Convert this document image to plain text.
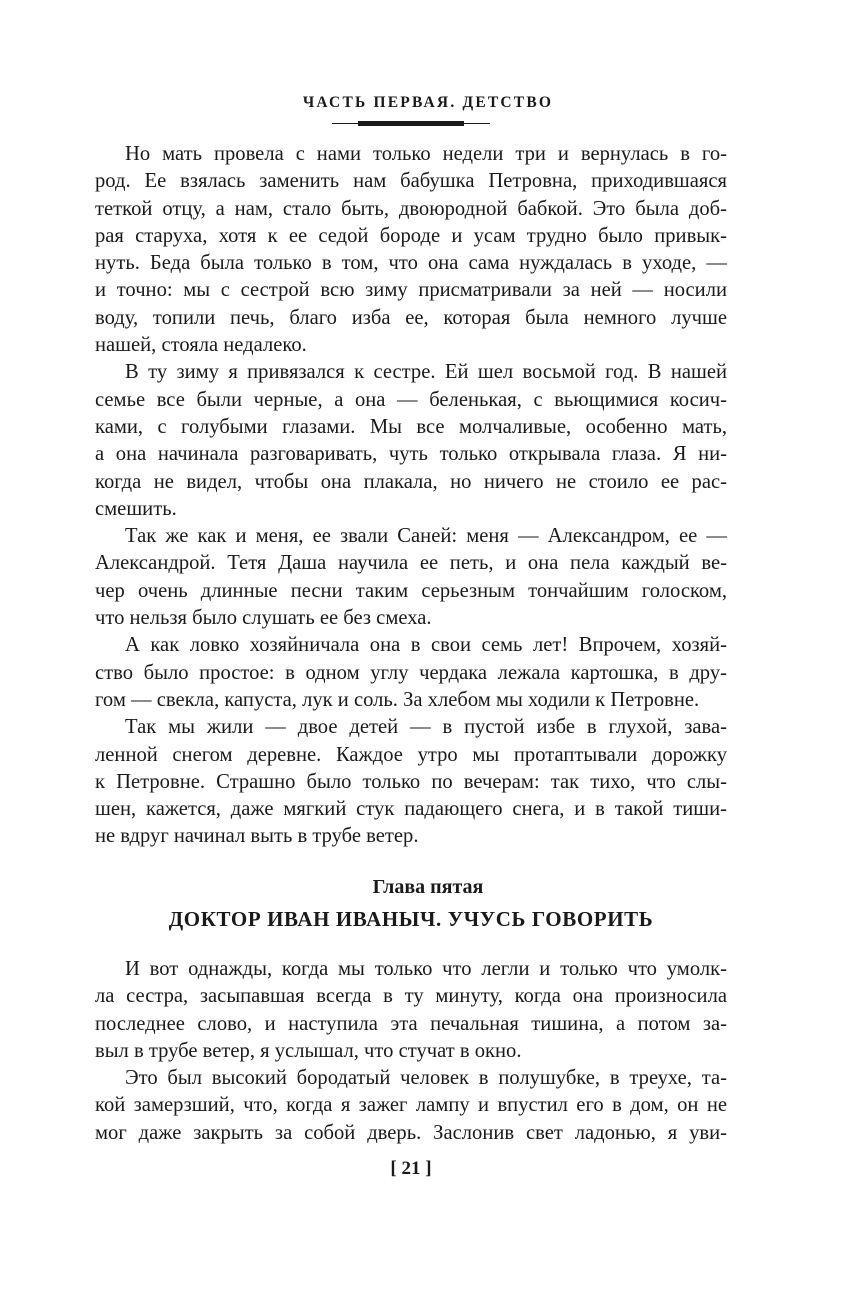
ЧАСТЬ ПЕРВАЯ. ДЕТСТВО
Но мать провела с нами только недели три и вернулась в го-
род. Ее взялась заменить нам бабушка Петровна, приходившаяся
теткой отцу, а нам, стало быть, двоюродной бабкой. Это была доб-
рая старуха, хотя к ее седой бороде и усам трудно было привык-
нуть. Беда была только в том, что она сама нуждалась в уходе, —
и точно: мы с сестрой всю зиму присматривали за ней — носили
воду, топили печь, благо изба ее, которая была немного лучше
нашей, стояла недалеко.
В ту зиму я привязался к сестре. Ей шел восьмой год. В нашей
семье все были черные, а она — беленькая, с вьющимися косич-
ками, с голубыми глазами. Мы все молчаливые, особенно мать,
а она начинала разговаривать, чуть только открывала глаза. Я ни-
когда не видел, чтобы она плакала, но ничего не стоило ее рас-
смешить.
Так же как и меня, ее звали Саней: меня — Александром, ее —
Александрой. Тетя Даша научила ее петь, и она пела каждый ве-
чер очень длинные песни таким серьезным тончайшим голоском,
что нельзя было слушать ее без смеха.
А как ловко хозяйничала она в свои семь лет! Впрочем, хозяй-
ство было простое: в одном углу чердака лежала картошка, в дру-
гом — свекла, капуста, лук и соль. За хлебом мы ходили к Петровне.
Так мы жили — двое детей — в пустой избе в глухой, зава-
ленной снегом деревне. Каждое утро мы протаптывали дорожку
к Петровне. Страшно было только по вечерам: так тихо, что слы-
шен, кажется, даже мягкий стук падающего снега, и в такой тиши-
не вдруг начинал выть в трубе ветер.
Глава пятая
ДОКТОР ИВАН ИВАНЫЧ. УЧУСЬ ГОВОРИТЬ
И вот однажды, когда мы только что легли и только что умолк-
ла сестра, засыпавшая всегда в ту минуту, когда она произносила
последнее слово, и наступила эта печальная тишина, а потом за-
выл в трубе ветер, я услышал, что стучат в окно.
Это был высокий бородатый человек в полушубке, в треухе, та-
кой замерзший, что, когда я зажег лампу и впустил его в дом, он не
мог даже закрыть за собой дверь. Заслонив свет ладонью, я уви-
[ 21 ]
